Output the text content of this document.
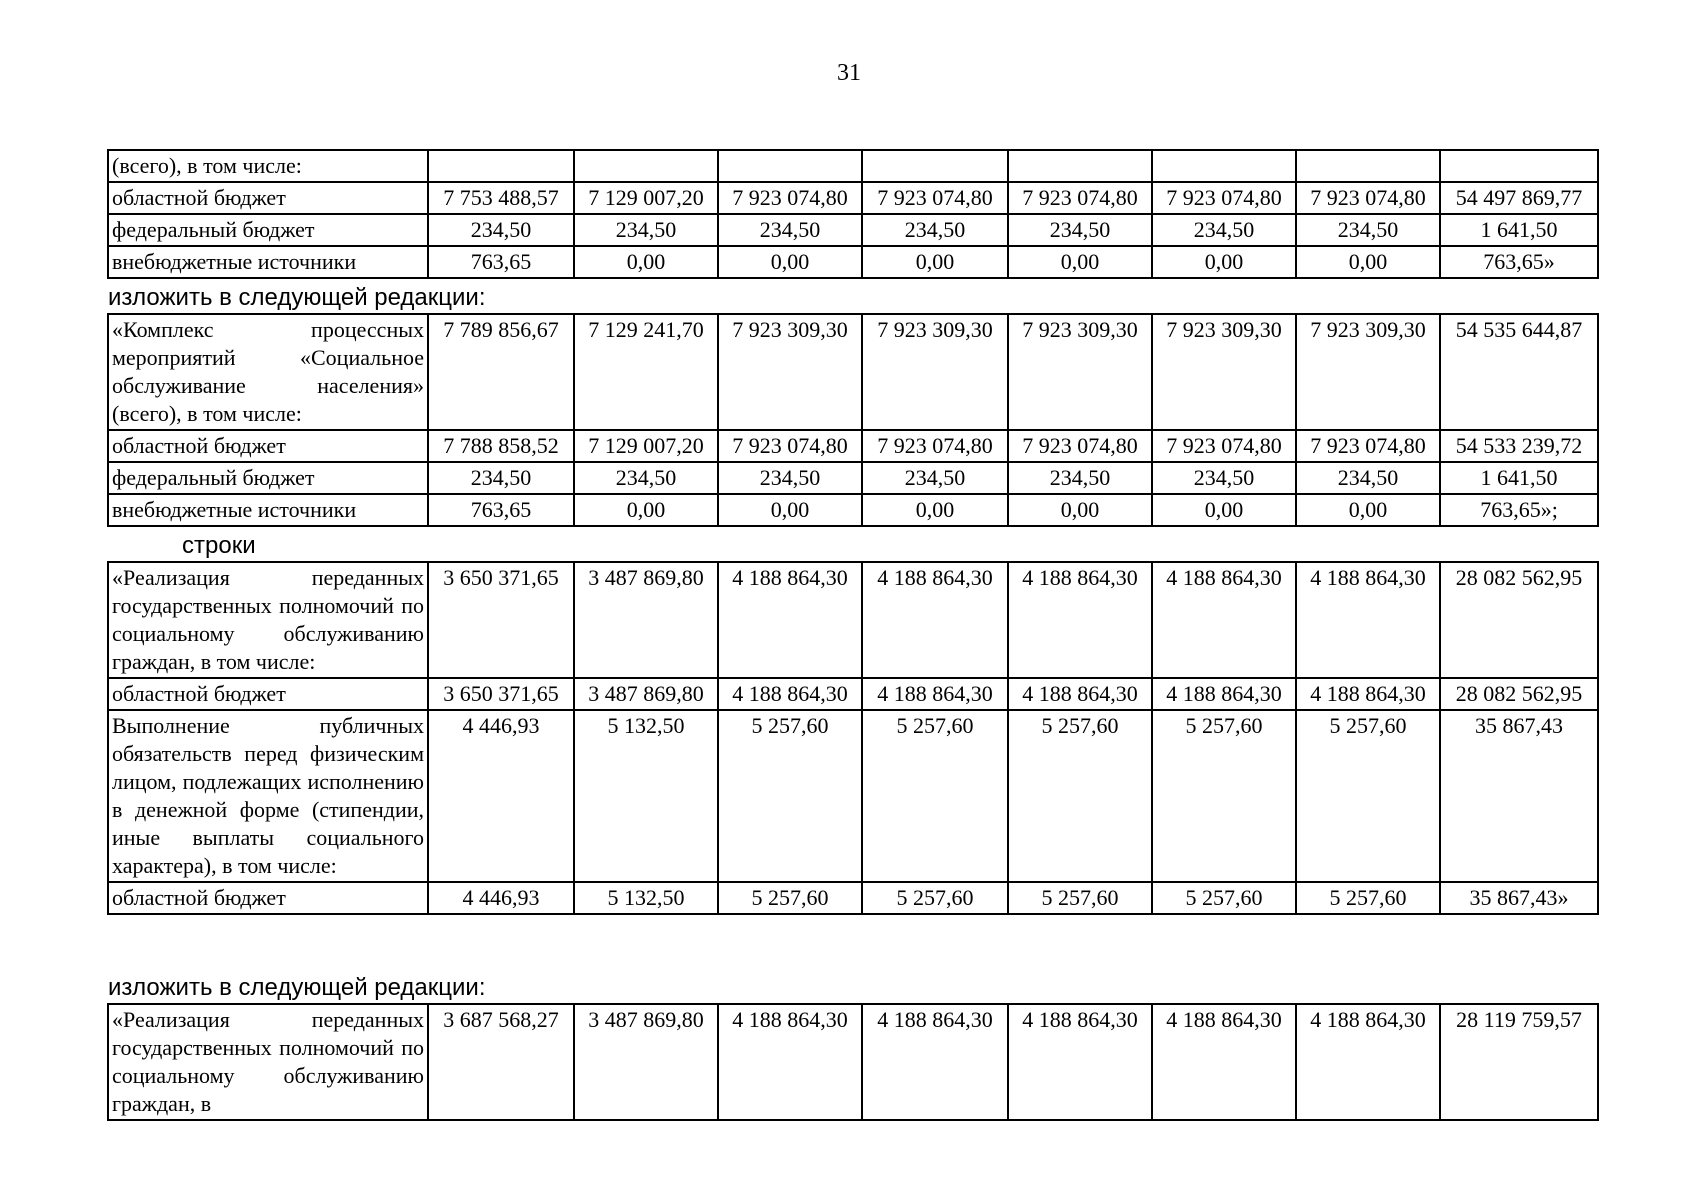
31
(всего), в том числе:								
областной бюджет	7 753 488,57	7 129 007,20	7 923 074,80	7 923 074,80	7 923 074,80	7 923 074,80	7 923 074,80	54 497 869,77
федеральный бюджет	234,50	234,50	234,50	234,50	234,50	234,50	234,50	1 641,50
внебюджетные источники	763,65	0,00	0,00	0,00	0,00	0,00	0,00	763,65»
изложить в следующей редакции:
«Комплекс процессных мероприятий «Социальное обслуживание населения» (всего), в том числе:	7 789 856,67	7 129 241,70	7 923 309,30	7 923 309,30	7 923 309,30	7 923 309,30	7 923 309,30	54 535 644,87
областной бюджет	7 788 858,52	7 129 007,20	7 923 074,80	7 923 074,80	7 923 074,80	7 923 074,80	7 923 074,80	54 533 239,72
федеральный бюджет	234,50	234,50	234,50	234,50	234,50	234,50	234,50	1 641,50
внебюджетные источники	763,65	0,00	0,00	0,00	0,00	0,00	0,00	763,65»;
строки
«Реализация переданных государственных полномочий по социальному обслуживанию граждан, в том числе:	3 650 371,65	3 487 869,80	4 188 864,30	4 188 864,30	4 188 864,30	4 188 864,30	4 188 864,30	28 082 562,95
областной бюджет	3 650 371,65	3 487 869,80	4 188 864,30	4 188 864,30	4 188 864,30	4 188 864,30	4 188 864,30	28 082 562,95
Выполнение публичных обязательств перед физическим лицом, подлежащих исполнению в денежной форме (стипендии, иные выплаты социального характера), в том числе:	4 446,93	5 132,50	5 257,60	5 257,60	5 257,60	5 257,60	5 257,60	35 867,43
областной бюджет	4 446,93	5 132,50	5 257,60	5 257,60	5 257,60	5 257,60	5 257,60	35 867,43»
изложить в следующей редакции:
«Реализация переданных государственных полномочий по социальному обслуживанию граждан, в	3 687 568,27	3 487 869,80	4 188 864,30	4 188 864,30	4 188 864,30	4 188 864,30	4 188 864,30	28 119 759,57
